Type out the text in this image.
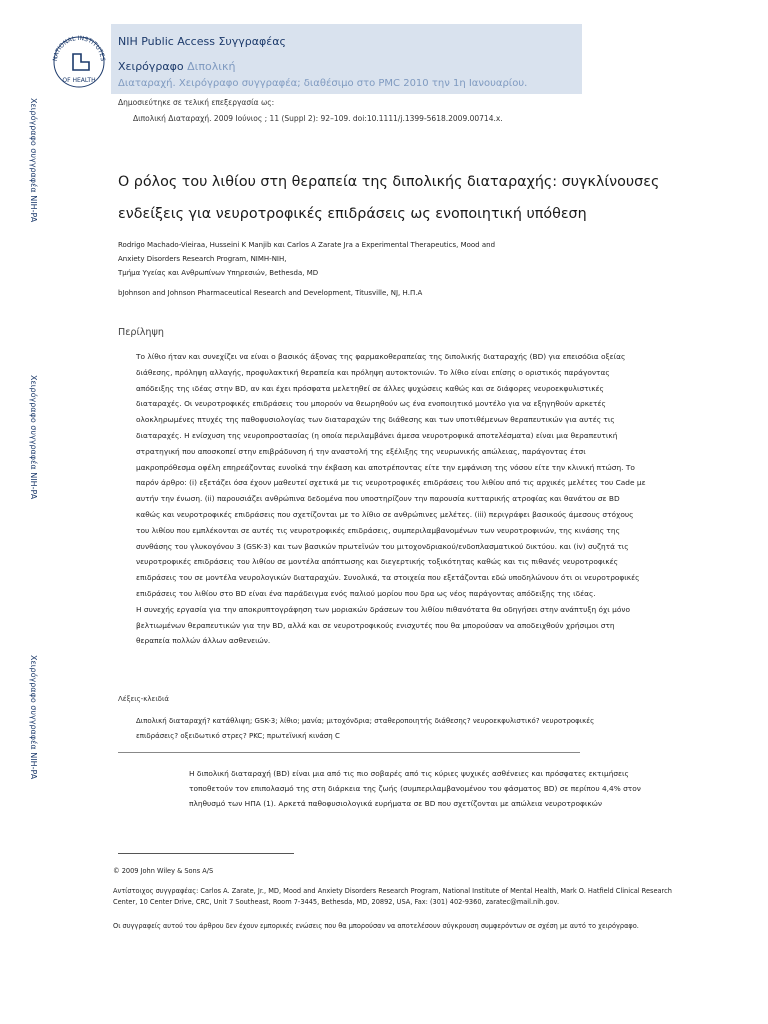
NATIONAL INSTITUTES
OF HEALTH
NIH Public Access Συγγραφέας
Χειρόγραφο Διπολική
Διαταραχή. Χειρόγραφο συγγραφέα; διαθέσιμο στο PMC 2010 την 1η Ιανουαρίου.
Χειρόγραφο συγγραφέα NIH-PA
Χειρόγραφο συγγραφέα NIH-PA
Χειρόγραφο συγγραφέα NIH-PA
Δημοσιεύτηκε σε τελική επεξεργασία ως:
Διπολική Διαταραχή. 2009 Ιούνιος ; 11 (Suppl 2): 92–109. doi:10.1111/j.1399-5618.2009.00714.x.
Ο ρόλος του λιθίου στη θεραπεία της διπολικής διαταραχής: συγκλίνουσες ενδείξεις για νευροτροφικές επιδράσεις ως ενοποιητική υπόθεση

Rodrigo Machado-Vieiraa, Husseini K Manjib και Carlos A Zarate Jra a Experimental Therapeutics, Mood and

Anxiety Disorders Research Program, NIMH-NIH,

Τμήμα Υγείας και Ανθρωπίνων Υπηρεσιών, Bethesda, MD

bJohnson and Johnson Pharmaceutical Research and Development, Titusville, NJ, Η.Π.Α

Περίληψη

Το λίθιο ήταν και συνεχίζει να είναι ο βασικός άξονας της φαρμακοθεραπείας της διπολικής διαταραχής (BD) για επεισόδια οξείας διάθεσης, πρόληψη αλλαγής, προφυλακτική θεραπεία και πρόληψη αυτοκτονιών. Το λίθιο είναι επίσης ο οριστικός παράγοντας απόδειξης της ιδέας στην BD, αν και έχει πρόσφατα μελετηθεί σε άλλες ψυχώσεις καθώς και σε διάφορες νευροεκφυλιστικές διαταραχές. Οι νευροτροφικές επιδράσεις του μπορούν να θεωρηθούν ως ένα ενοποιητικό μοντέλο για να εξηγηθούν αρκετές ολοκληρωμένες πτυχές της παθοφυσιολογίας των διαταραχών της διάθεσης και των υποτιθέμενων θεραπευτικών για αυτές τις διαταραχές. Η ενίσχυση της νευροπροστασίας (η οποία περιλαμβάνει άμεσα νευροτροφικά αποτελέσματα) είναι μια θεραπευτική στρατηγική που αποσκοπεί στην επιβράδυνση ή την αναστολή της εξέλιξης της νευρωνικής απώλειας, παράγοντας έτσι μακροπρόθεσμα οφέλη επηρεάζοντας ευνοϊκά την έκβαση και αποτρέποντας είτε την εμφάνιση της νόσου είτε την κλινική πτώση. Το παρόν άρθρο: (i) εξετάζει όσα έχουν μαθευτεί σχετικά με τις νευροτροφικές επιδράσεις του λιθίου από τις αρχικές μελέτες του Cade με αυτήν την ένωση. (ii) παρουσιάζει ανθρώπινα δεδομένα που υποστηρίζουν την παρουσία κυτταρικής ατροφίας και θανάτου σε BD καθώς και νευροτροφικές επιδράσεις που σχετίζονται με το λίθιο σε ανθρώπινες μελέτες. (iii) περιγράφει βασικούς άμεσους στόχους του λιθίου που εμπλέκονται σε αυτές τις νευροτροφικές επιδράσεις, συμπεριλαμβανομένων των νευροτροφινών, της κινάσης της συνθάσης του γλυκογόνου 3 (GSK-3) και των βασικών πρωτεϊνών του μιτοχονδριακού/ενδοπλασματικού δικτύου. και (iv) συζητά τις νευροτροφικές επιδράσεις του λιθίου σε μοντέλα απόπτωσης και διεγερτικής τοξικότητας καθώς και τις πιθανές νευροτροφικές επιδράσεις του σε μοντέλα νευρολογικών διαταραχών. Συνολικά, τα στοιχεία που εξετάζονται εδώ υποδηλώνουν ότι οι νευροτροφικές επιδράσεις του λιθίου στο BD είναι ένα παράδειγμα ενός παλιού μορίου που δρα ως νέος παράγοντας απόδειξης της ιδέας.

Η συνεχής εργασία για την αποκρυπτογράφηση των μοριακών δράσεων του λιθίου πιθανότατα θα οδηγήσει στην ανάπτυξη όχι μόνο βελτιωμένων θεραπευτικών για την BD, αλλά και σε νευροτροφικούς ενισχυτές που θα μπορούσαν να αποδειχθούν χρήσιμοι στη θεραπεία πολλών άλλων ασθενειών.

Λέξεις-κλειδιά
Διπολική διαταραχή? κατάθλιψη; GSK-3; λίθιο; μανία; μιτοχόνδρια; σταθεροποιητής διάθεσης? νευροεκφυλιστικό? νευροτροφικές επιδράσεις? οξειδωτικό στρες? PKC; πρωτεϊνική κινάση C

Η διπολική διαταραχή (BD) είναι μια από τις πιο σοβαρές από τις κύριες ψυχικές ασθένειες και πρόσφατες εκτιμήσεις τοποθετούν τον επιπολασμό της στη διάρκεια της ζωής (συμπεριλαμβανομένου του φάσματος BD) σε περίπου 4,4% στον πληθυσμό των ΗΠΑ (1). Αρκετά παθοφυσιολογικά ευρήματα σε BD που σχετίζονται με απώλεια νευροτροφικών

© 2009 John Wiley & Sons A/S

Αντίστοιχος συγγραφέας: Carlos A. Zarate, Jr., MD, Mood and Anxiety Disorders Research Program, National Institute of Mental Health, Mark O. Hatfield Clinical Research Center, 10 Center Drive, CRC, Unit 7 Southeast, Room 7-3445, Bethesda, MD, 20892, USA, Fax: (301) 402-9360, zaratec@mail.nih.gov.

Οι συγγραφείς αυτού του άρθρου δεν έχουν εμπορικές ενώσεις που θα μπορούσαν να αποτελέσουν σύγκρουση συμφερόντων σε σχέση με αυτό το χειρόγραφο.
